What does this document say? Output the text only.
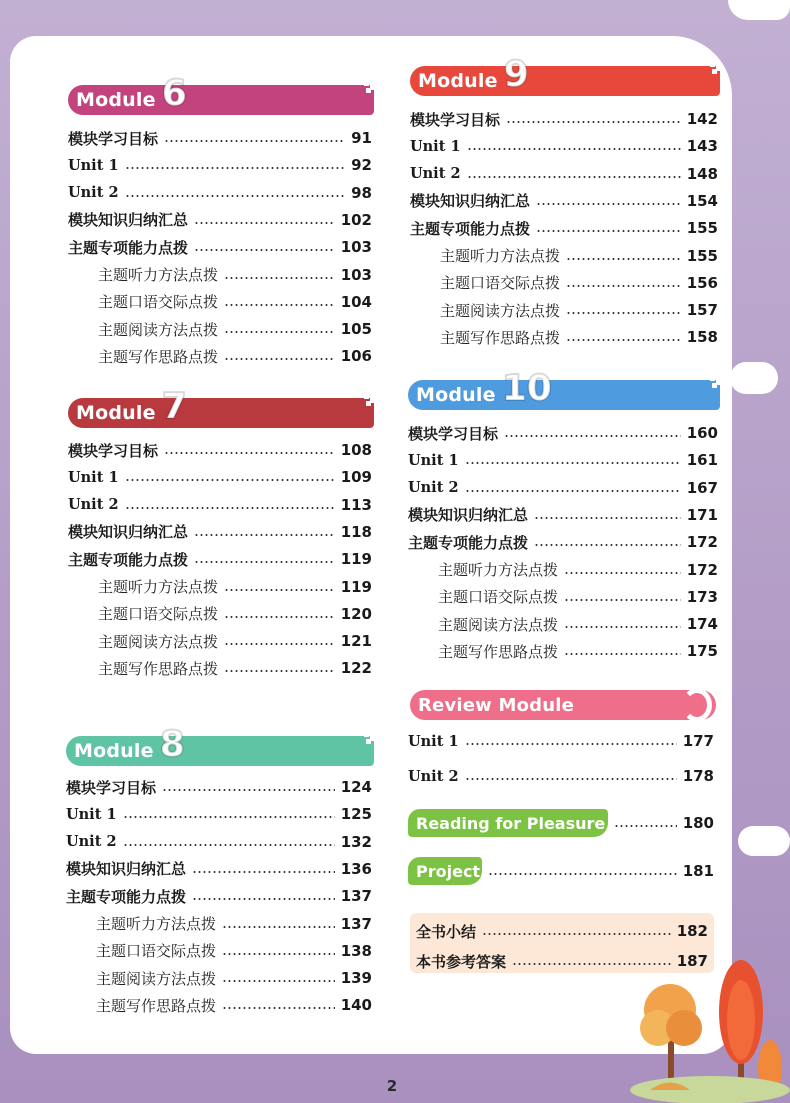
Module 6
模块学习目标	91
Unit 1	92
Unit 2	98
模块知识归纳汇总	102
主题专项能力点拨	103
主题听力方法点拨	103
主题口语交际点拨	104
主题阅读方法点拨	105
主题写作思路点拨	106
Module 7
模块学习目标	108
Unit 1	109
Unit 2	113
模块知识归纳汇总	118
主题专项能力点拨	119
主题听力方法点拨	119
主题口语交际点拨	120
主题阅读方法点拨	121
主题写作思路点拨	122
Module 8
模块学习目标	124
Unit 1	125
Unit 2	132
模块知识归纳汇总	136
主题专项能力点拨	137
主题听力方法点拨	137
主题口语交际点拨	138
主题阅读方法点拨	139
主题写作思路点拨	140
Module 9
模块学习目标	142
Unit 1	143
Unit 2	148
模块知识归纳汇总	154
主题专项能力点拨	155
主题听力方法点拨	155
主题口语交际点拨	156
主题阅读方法点拨	157
主题写作思路点拨	158
Module 10
模块学习目标	160
Unit 1	161
Unit 2	167
模块知识归纳汇总	171
主题专项能力点拨	172
主题听力方法点拨	172
主题口语交际点拨	173
主题阅读方法点拨	174
主题写作思路点拨	175
Review Module
Unit 1	177
Unit 2	178
Reading for Pleasure	180
Project	181
全书小结	182
本书参考答案	187
2
